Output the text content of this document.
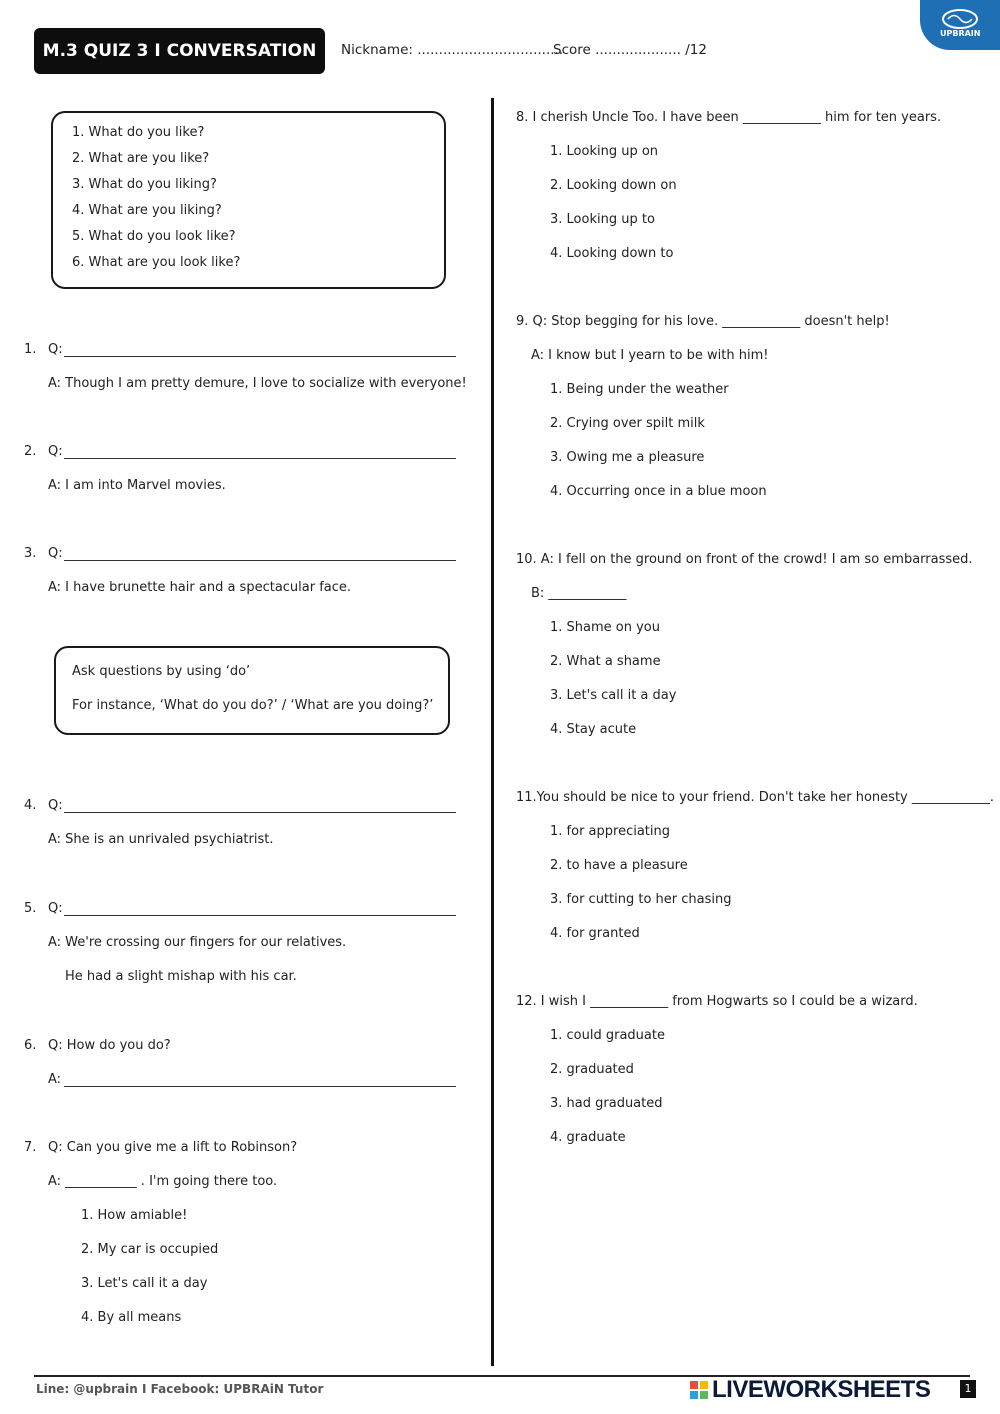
M.3 QUIZ 3 I CONVERSATION	Nickname: ..................................
Score .................... /12
UPBRAIN
1. What do you like?
2. What are you like?
3. What do you liking?
4. What are you liking?
5. What do you look like?
6. What are you look like?
1. Q:
A: Though I am pretty demure, I love to socialize with everyone!
2. Q:
A: I am into Marvel movies.
3. Q:
A: I have brunette hair and a spectacular face.
Ask questions by using ‘do’
For instance, ‘What do you do?’ / ‘What are you doing?’
4. Q:
A: She is an unrivaled psychiatrist.
5. Q:
A: We're crossing our fingers for our relatives.
He had a slight mishap with his car.
6. Q: How do you do?
A:
7. Q: Can you give me a lift to Robinson?
A: ___________ . I'm going there too.
1. How amiable!
2. My car is occupied
3. Let's call it a day
4. By all means
8. I cherish Uncle Too. I have been ____________ him for ten years.
1. Looking up on
2. Looking down on
3. Looking up to
4. Looking down to
9. Q: Stop begging for his love. ____________ doesn't help!
A: I know but I yearn to be with him!
1. Being under the weather
2. Crying over spilt milk
3. Owing me a pleasure
4. Occurring once in a blue moon
10. A: I fell on the ground on front of the crowd! I am so embarrassed.
B: ____________
1. Shame on you
2. What a shame
3. Let's call it a day
4. Stay acute
11.You should be nice to your friend. Don't take her honesty ____________.
1. for appreciating
2. to have a pleasure
3. for cutting to her chasing
4. for granted
12. I wish I ____________ from Hogwarts so I could be a wizard.
1. could graduate
2. graduated
3. had graduated
4. graduate
Line: @upbrain I Facebook: UPBRAiN Tutor	LIVEWORKSHEETS	1
